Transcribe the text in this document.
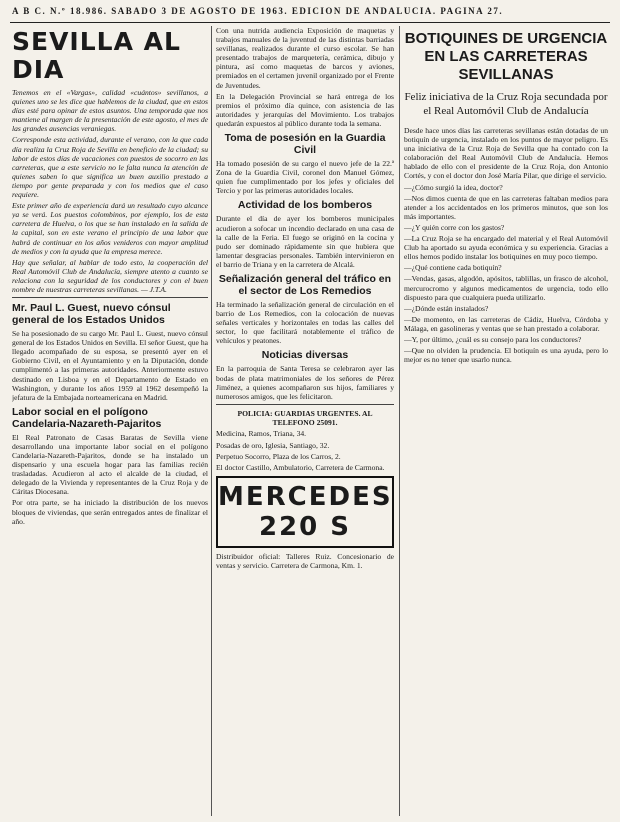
A B C. N.º 18.986. SABADO 3 DE AGOSTO DE 1963. EDICION DE ANDALUCIA. PAGINA 27.
SEVILLA AL DIA

Tenemos en el «Vargas», calidad «cuántos» sevillanos, a quienes uno se les dice que hablemos de la ciudad, que en estos días esté para opinar de estos asuntos. Una temporada que nos mantiene al margen de la presentación de este agosto, el mes de las grandes ausencias veraniegas.

Corresponde esta actividad, durante el verano, con la que cada día realiza la Cruz Roja de Sevilla en beneficio de la ciudad; su labor de estos días de vacaciones con puestos de socorro en las carreteras, que a este servicio no le falta nunca la atención de quienes saben lo que significa un buen auxilio prestado a tiempo por gente preparada y con los medios que el caso requiere.

Este primer año de experiencia dará un resultado cuyo alcance ya se verá. Los puestos colombinos, por ejemplo, los de esta carretera de Huelva, o los que se han instalado en la salida de la capital, son en este verano el principio de una labor que habrá de continuar en los años venideros con mayor amplitud de medios y con la ayuda que la empresa merece.

Hay que señalar, al hablar de todo esto, la cooperación del Real Automóvil Club de Andalucía, siempre atento a cuanto se relaciona con la seguridad de los conductores y con el buen nombre de nuestras carreteras sevillanas. — J.T.A.

Mr. Paul L. Guest, nuevo cónsul general de los Estados Unidos

Se ha posesionado de su cargo Mr. Paul L. Guest, nuevo cónsul general de los Estados Unidos en Sevilla. El señor Guest, que ha llegado acompañado de su esposa, se presentó ayer en el Gobierno Civil, en el Ayuntamiento y en la Diputación, donde cumplimentó a las primeras autoridades. Anteriormente estuvo destinado en Lisboa y en el Departamento de Estado en Washington, y durante los años 1959 al 1962 desempeñó la jefatura de la Embajada norteamericana en Madrid.

Labor social en el polígono Candelaria-Nazareth-Pajaritos

El Real Patronato de Casas Baratas de Sevilla viene desarrollando una importante labor social en el polígono Candelaria-Nazareth-Pajaritos, donde se ha instalado un dispensario y una escuela hogar para las familias recién trasladadas. Acudieron al acto el alcalde de la ciudad, el delegado de la Vivienda y representantes de la Cruz Roja y de Cáritas Diocesana.

Por otra parte, se ha iniciado la distribución de los nuevos bloques de viviendas, que serán entregados antes de finalizar el año.

Con una nutrida audiencia Exposición de maquetas y trabajos manuales de la juventud de las distintas barriadas sevillanas, realizados durante el curso escolar. Se han presentado trabajos de marquetería, cerámica, dibujo y pintura, así como maquetas de barcos y aviones, premiados en el certamen juvenil organizado por el Frente de Juventudes.

En la Delegación Provincial se hará entrega de los premios el próximo día quince, con asistencia de las autoridades y jerarquías del Movimiento. Los trabajos quedarán expuestos al público durante toda la semana.

Toma de posesión en la Guardia Civil

Ha tomado posesión de su cargo el nuevo jefe de la 22.ª Zona de la Guardia Civil, coronel don Manuel Gómez, quien fue cumplimentado por los jefes y oficiales del Tercio y por las primeras autoridades locales.

Actividad de los bomberos

Durante el día de ayer los bomberos municipales acudieron a sofocar un incendio declarado en una casa de la calle de la Feria. El fuego se originó en la cocina y pudo ser dominado rápidamente sin que hubiera que lamentar desgracias personales. También intervinieron en el barrio de Triana y en la carretera de Alcalá.

Señalización general del tráfico en el sector de Los Remedios

Ha terminado la señalización general de circulación en el barrio de Los Remedios, con la colocación de nuevas señales verticales y horizontales en todas las calles del sector, lo que facilitará notablemente el tráfico de vehículos y peatones.

Noticias diversas

En la parroquia de Santa Teresa se celebraron ayer las bodas de plata matrimoniales de los señores de Pérez Jiménez, a quienes acompañaron sus hijos, familiares y numerosos amigos, que les felicitaron.

POLICIA: GUARDIAS URGENTES. AL TELEFONO 25091.

Medicina, Ramos, Triana, 34.

Posadas de oro, Iglesia, Santiago, 32.

Perpetuo Socorro, Plaza de los Carros, 2.

El doctor Castillo, Ambulatorio, Carretera de Carmona.

MERCEDES 220 S

Distribuidor oficial: Talleres Ruiz. Concesionario de ventas y servicio. Carretera de Carmona, Km. 1.

BOTIQUINES DE URGENCIA EN LAS CARRETERAS SEVILLANAS
Feliz iniciativa de la Cruz Roja secundada por el Real Automóvil Club de Andalucía

Desde hace unos días las carreteras sevillanas están dotadas de un botiquín de urgencia, instalado en los puntos de mayor peligro. Es una iniciativa de la Cruz Roja de Sevilla que ha contado con la colaboración del Real Automóvil Club de Andalucía. Hemos hablado de ello con el presidente de la Cruz Roja, don Antonio Cortés, y con el doctor don José María Pilar, que dirige el servicio.

—¿Cómo surgió la idea, doctor?

—Nos dimos cuenta de que en las carreteras faltaban medios para atender a los accidentados en los primeros minutos, que son los más importantes.

—¿Y quién corre con los gastos?

—La Cruz Roja se ha encargado del material y el Real Automóvil Club ha aportado su ayuda económica y su experiencia. Gracias a ellos hemos podido instalar los botiquines en muy poco tiempo.

—¿Qué contiene cada botiquín?

—Vendas, gasas, algodón, apósitos, tablillas, un frasco de alcohol, mercurocromo y algunos medicamentos de urgencia, todo ello dispuesto para que cualquiera pueda utilizarlo.

—¿Dónde están instalados?

—De momento, en las carreteras de Cádiz, Huelva, Córdoba y Málaga, en gasolineras y ventas que se han prestado a colaborar.

—Y, por último, ¿cuál es su consejo para los conductores?

—Que no olviden la prudencia. El botiquín es una ayuda, pero lo mejor es no tener que usarlo nunca.
